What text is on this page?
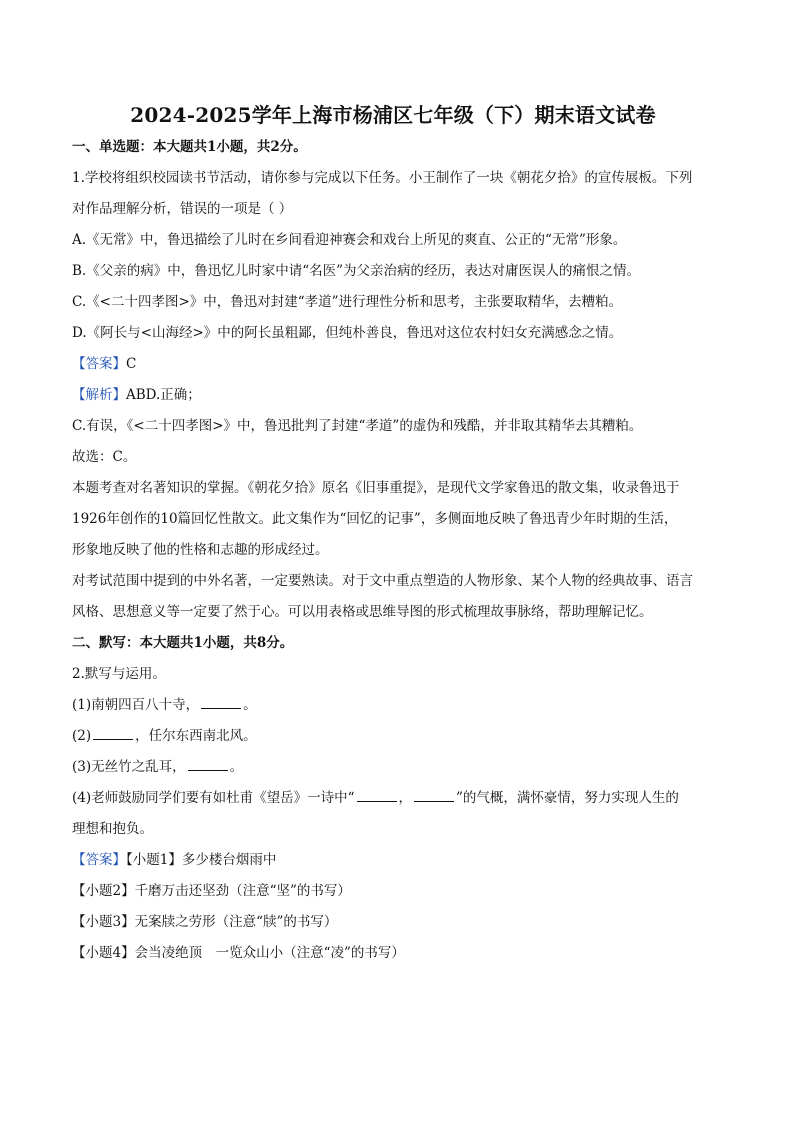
2024-2025学年上海市杨浦区七年级（下）期末语文试卷
一、单选题：本大题共1小题，共2分。
1.学校将组织校园读书节活动，请你参与完成以下任务。小王制作了一块《朝花夕拾》的宣传展板。下列
对作品理解分析，错误的一项是（ ）
A.《无常》中，鲁迅描绘了儿时在乡间看迎神赛会和戏台上所见的爽直、公正的“无常”形象。
B.《父亲的病》中，鲁迅忆儿时家中请“名医”为父亲治病的经历，表达对庸医误人的痛恨之情。
C.《<二十四孝图>》中，鲁迅对封建“孝道”进行理性分析和思考，主张要取精华，去糟粕。
D.《阿长与<山海经>》中的阿长虽粗鄙，但纯朴善良，鲁迅对这位农村妇女充满感念之情。
【答案】C
【解析】ABD.正确；
C.有误，《<二十四孝图>》中，鲁迅批判了封建“孝道”的虚伪和残酷，并非取其精华去其糟粕。
故选：C。
本题考查对名著知识的掌握。《朝花夕拾》原名《旧事重提》，是现代文学家鲁迅的散文集，收录鲁迅于
1926年创作的10篇回忆性散文。此文集作为“回忆的记事”，多侧面地反映了鲁迅青少年时期的生活，
形象地反映了他的性格和志趣的形成经过。
对考试范围中提到的中外名著，一定要熟读。对于文中重点塑造的人物形象、某个人物的经典故事、语言
风格、思想意义等一定要了然于心。可以用表格或思维导图的形式梳理故事脉络，帮助理解记忆。
二、默写：本大题共1小题，共8分。
2.默写与运用。
(1)南朝四百八十寺，	。
(2)	，任尔东西南北风。
(3)无丝竹之乱耳，	。
(4)老师鼓励同学们要有如杜甫《望岳》一诗中“	，	”的气概，满怀豪情，努力实现人生的
理想和抱负。
【答案】【小题1】多少楼台烟雨中
【小题2】千磨万击还坚劲（注意“坚”的书写）
【小题3】无案牍之劳形（注意“牍”的书写）
【小题4】会当凌绝顶　一览众山小（注意“凌”的书写）
